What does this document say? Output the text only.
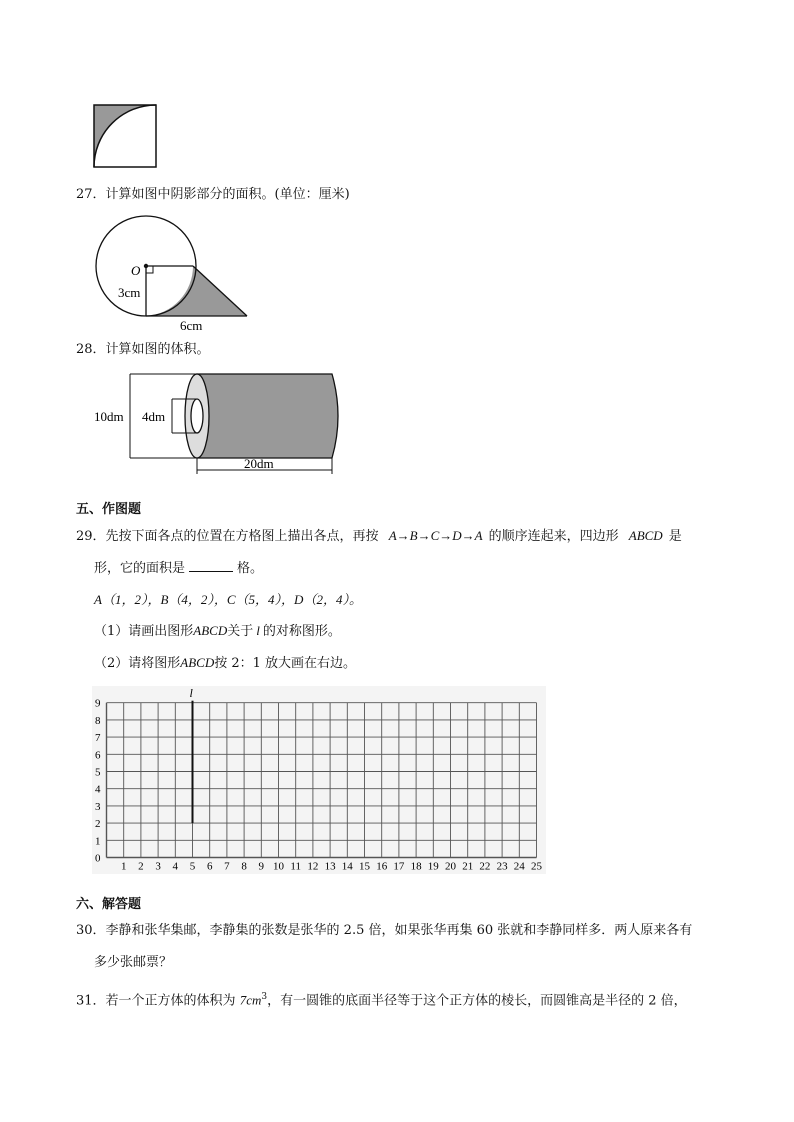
27．计算如图中阴影部分的面积。(单位：厘米)
O
3cm
6cm
28．计算如图的体积。
10dm 4dm
20dm
五、作图题
29．先按下面各点的位置在方格图上描出各点，再按 A→B→C→D→A 的顺序连起来，四边形 ABCD 是
形，它的面积是	格。
A（1，2），B（4，2），C（5，4），D（2，4）。
（1）请画出图形ABCD关于 l 的对称图形。
（2）请将图形ABCD按 2：1 放大画在右边。
l
0
1
2
3
4
5
6
7
8
9
1 2 3 4 5 6 7 8 9 10 11 12 13 14 15 16 17 18 19 20 21 22 23 24 25
六、解答题
30．李静和张华集邮，李静集的张数是张华的 2.5 倍，如果张华再集 60 张就和李静同样多．两人原来各有
多少张邮票？
31．若一个正方体的体积为 $7cm^3$，有一圆锥的底面半径等于这个正方体的棱长，而圆锥高是半径的 2 倍，
